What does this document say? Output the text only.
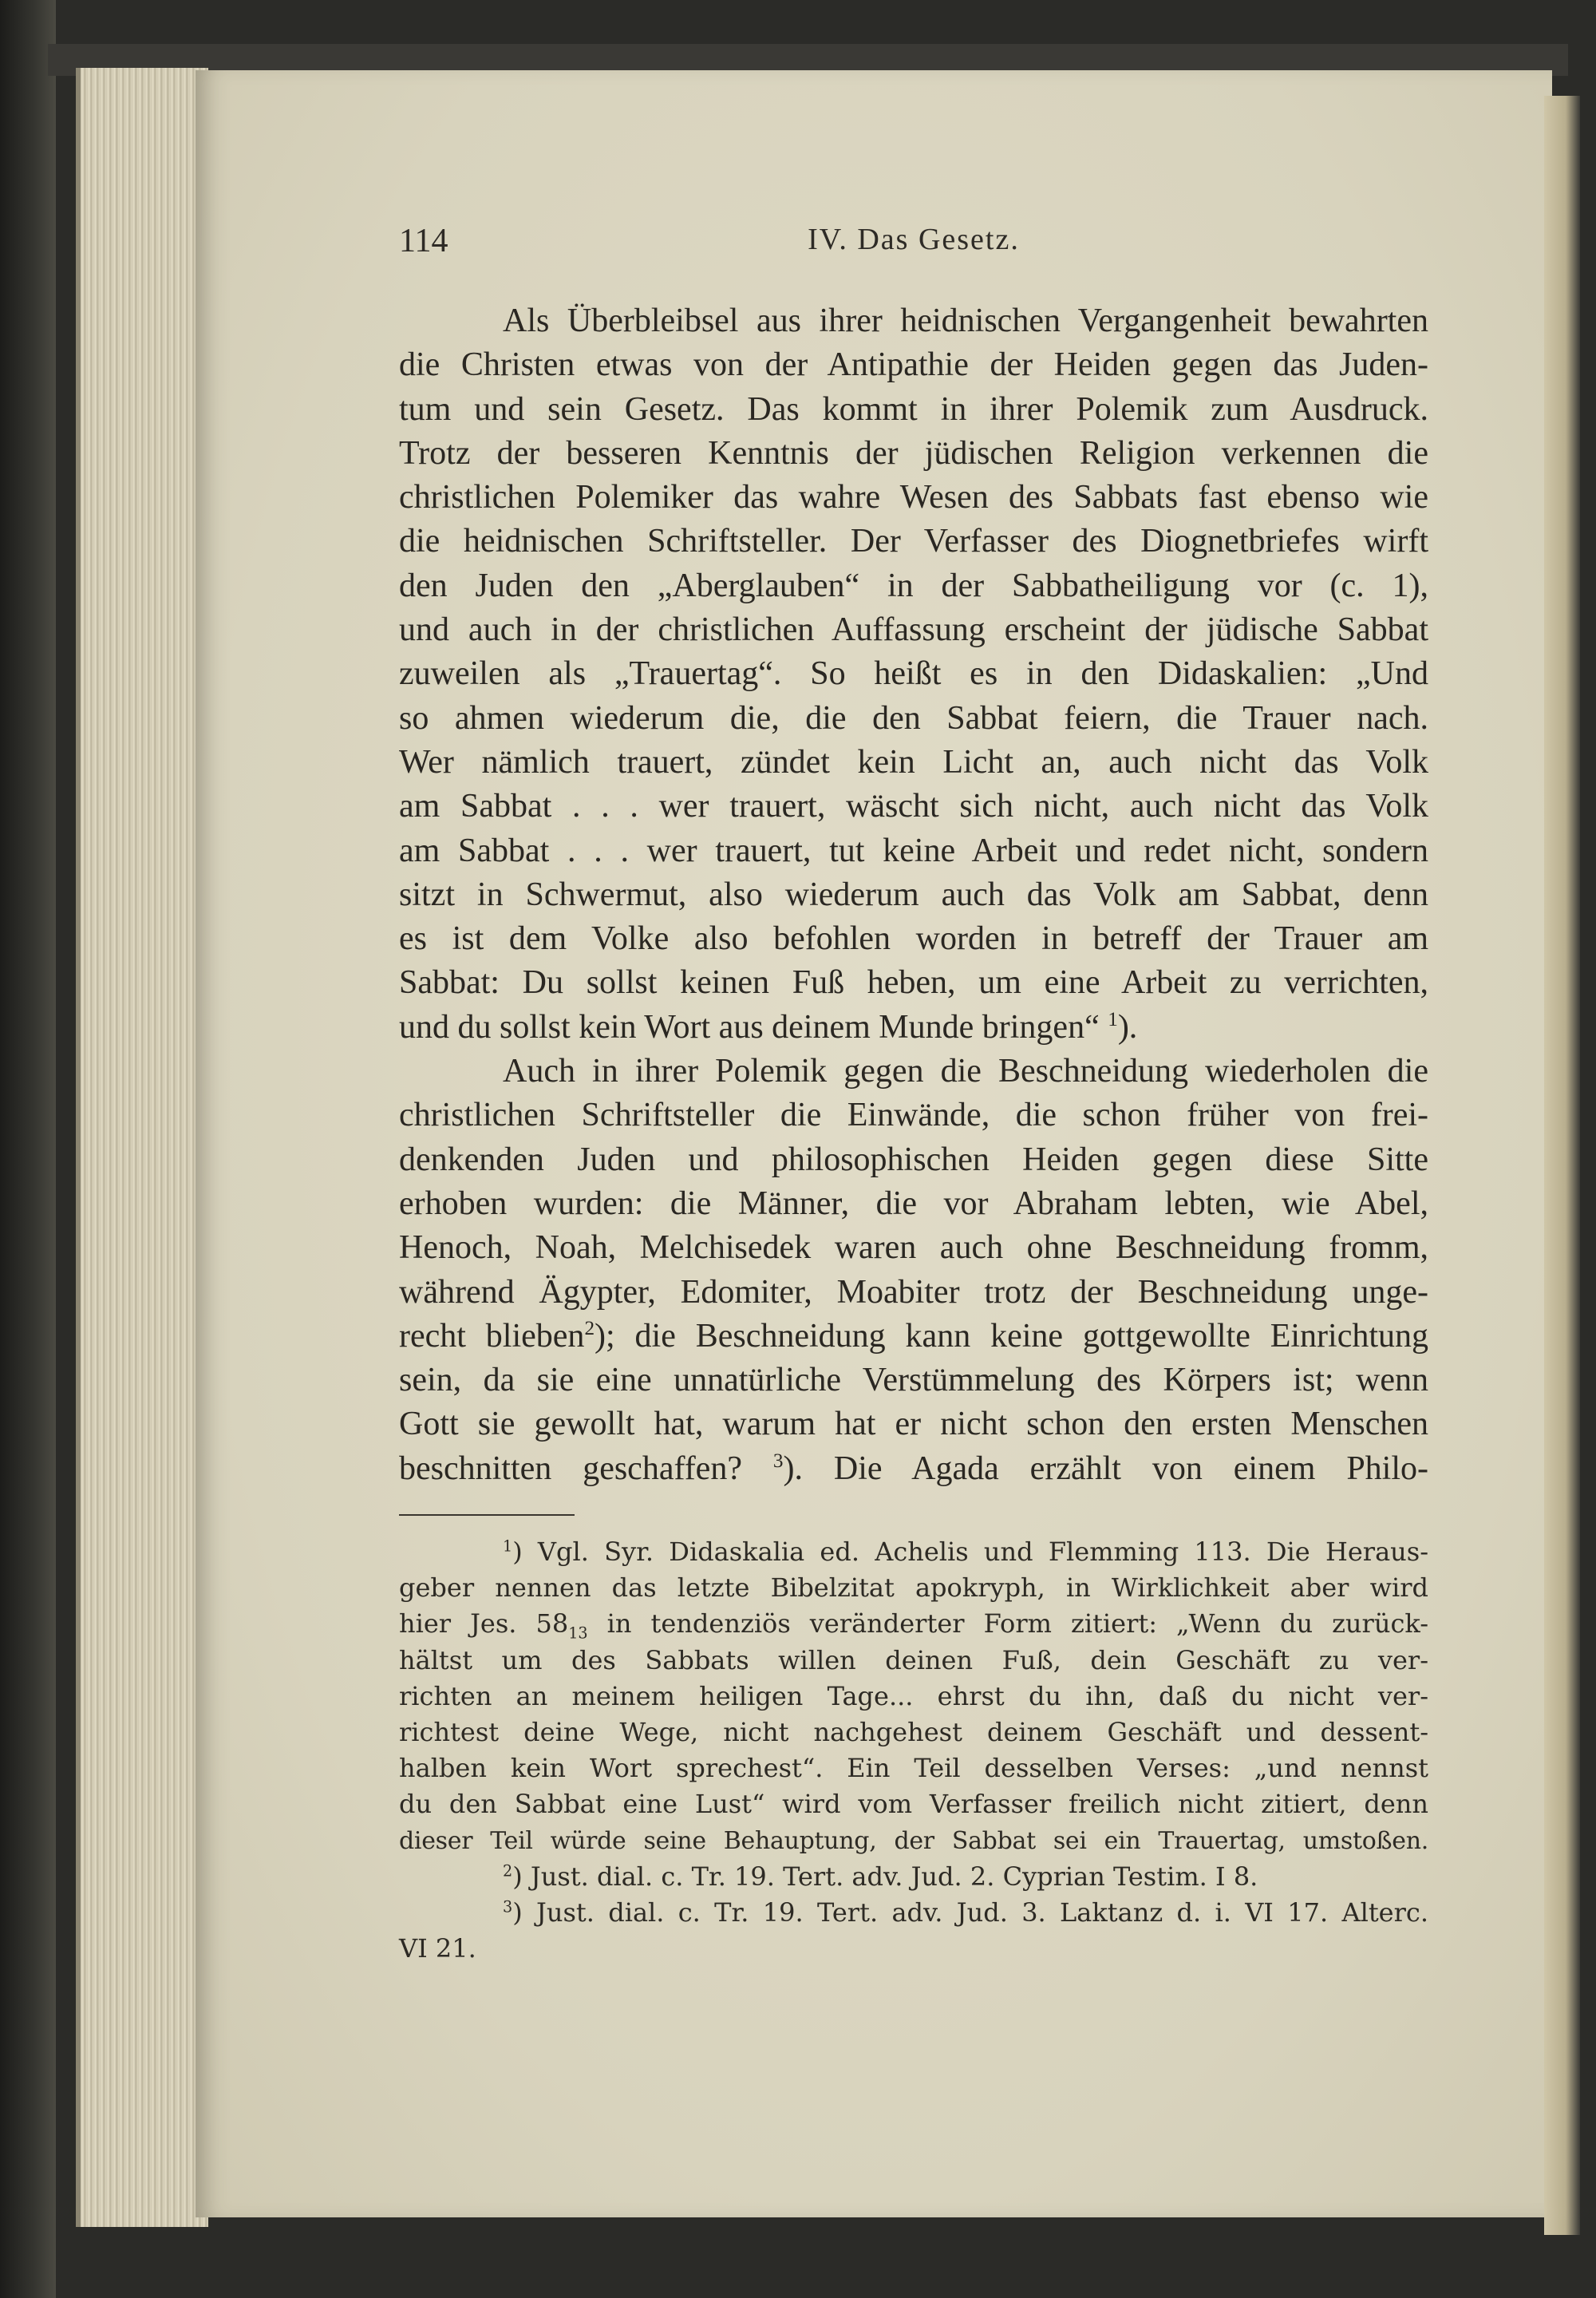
114	IV. Das Gesetz.
Als Überbleibsel aus ihrer heidnischen Vergangenheit bewahrten
die Christen etwas von der Antipathie der Heiden gegen das Juden-
tum und sein Gesetz. Das kommt in ihrer Polemik zum Ausdruck.
Trotz der besseren Kenntnis der jüdischen Religion verkennen die
christlichen Polemiker das wahre Wesen des Sabbats fast ebenso wie
die heidnischen Schriftsteller. Der Verfasser des Diognetbriefes wirft
den Juden den „Aberglauben“ in der Sabbatheiligung vor (c. 1),
und auch in der christlichen Auffassung erscheint der jüdische Sabbat
zuweilen als „Trauertag“. So heißt es in den Didaskalien: „Und
so ahmen wiederum die, die den Sabbat feiern, die Trauer nach.
Wer nämlich trauert, zündet kein Licht an, auch nicht das Volk
am Sabbat . . . wer trauert, wäscht sich nicht, auch nicht das Volk
am Sabbat . . . wer trauert, tut keine Arbeit und redet nicht, sondern
sitzt in Schwermut, also wiederum auch das Volk am Sabbat, denn
es ist dem Volke also befohlen worden in betreff der Trauer am
Sabbat: Du sollst keinen Fuß heben, um eine Arbeit zu verrichten,
und du sollst kein Wort aus deinem Munde bringen“ $^1$).
Auch in ihrer Polemik gegen die Beschneidung wiederholen die
christlichen Schriftsteller die Einwände, die schon früher von frei-
denkenden Juden und philosophischen Heiden gegen diese Sitte
erhoben wurden: die Männer, die vor Abraham lebten, wie Abel,
Henoch, Noah, Melchisedek waren auch ohne Beschneidung fromm,
während Ägypter, Edomiter, Moabiter trotz der Beschneidung unge-
recht blieben$^2$); die Beschneidung kann keine gottgewollte Einrichtung
sein, da sie eine unnatürliche Verstümmelung des Körpers ist; wenn
Gott sie gewollt hat, warum hat er nicht schon den ersten Menschen
beschnitten geschaffen? $^3$). Die Agada erzählt von einem Philo-
$^1$) Vgl. Syr. Didaskalia ed. Achelis und Flemming 113. Die Heraus-
geber nennen das letzte Bibelzitat apokryph, in Wirklichkeit aber wird
hier Jes. $58_{13}$ in tendenziös veränderter Form zitiert: „Wenn du zurück-
hältst um des Sabbats willen deinen Fuß, dein Geschäft zu ver-
richten an meinem heiligen Tage... ehrst du ihn, daß du nicht ver-
richtest deine Wege, nicht nachgehest deinem Geschäft und dessent-
halben kein Wort sprechest“. Ein Teil desselben Verses: „und nennst
du den Sabbat eine Lust“ wird vom Verfasser freilich nicht zitiert, denn
dieser Teil würde seine Behauptung, der Sabbat sei ein Trauertag, umstoßen.
$^2$) Just. dial. c. Tr. 19. Tert. adv. Jud. 2. Cyprian Testim. I 8.
$^3$) Just. dial. c. Tr. 19. Tert. adv. Jud. 3. Laktanz d. i. VI 17. Alterc.
VI 21.
